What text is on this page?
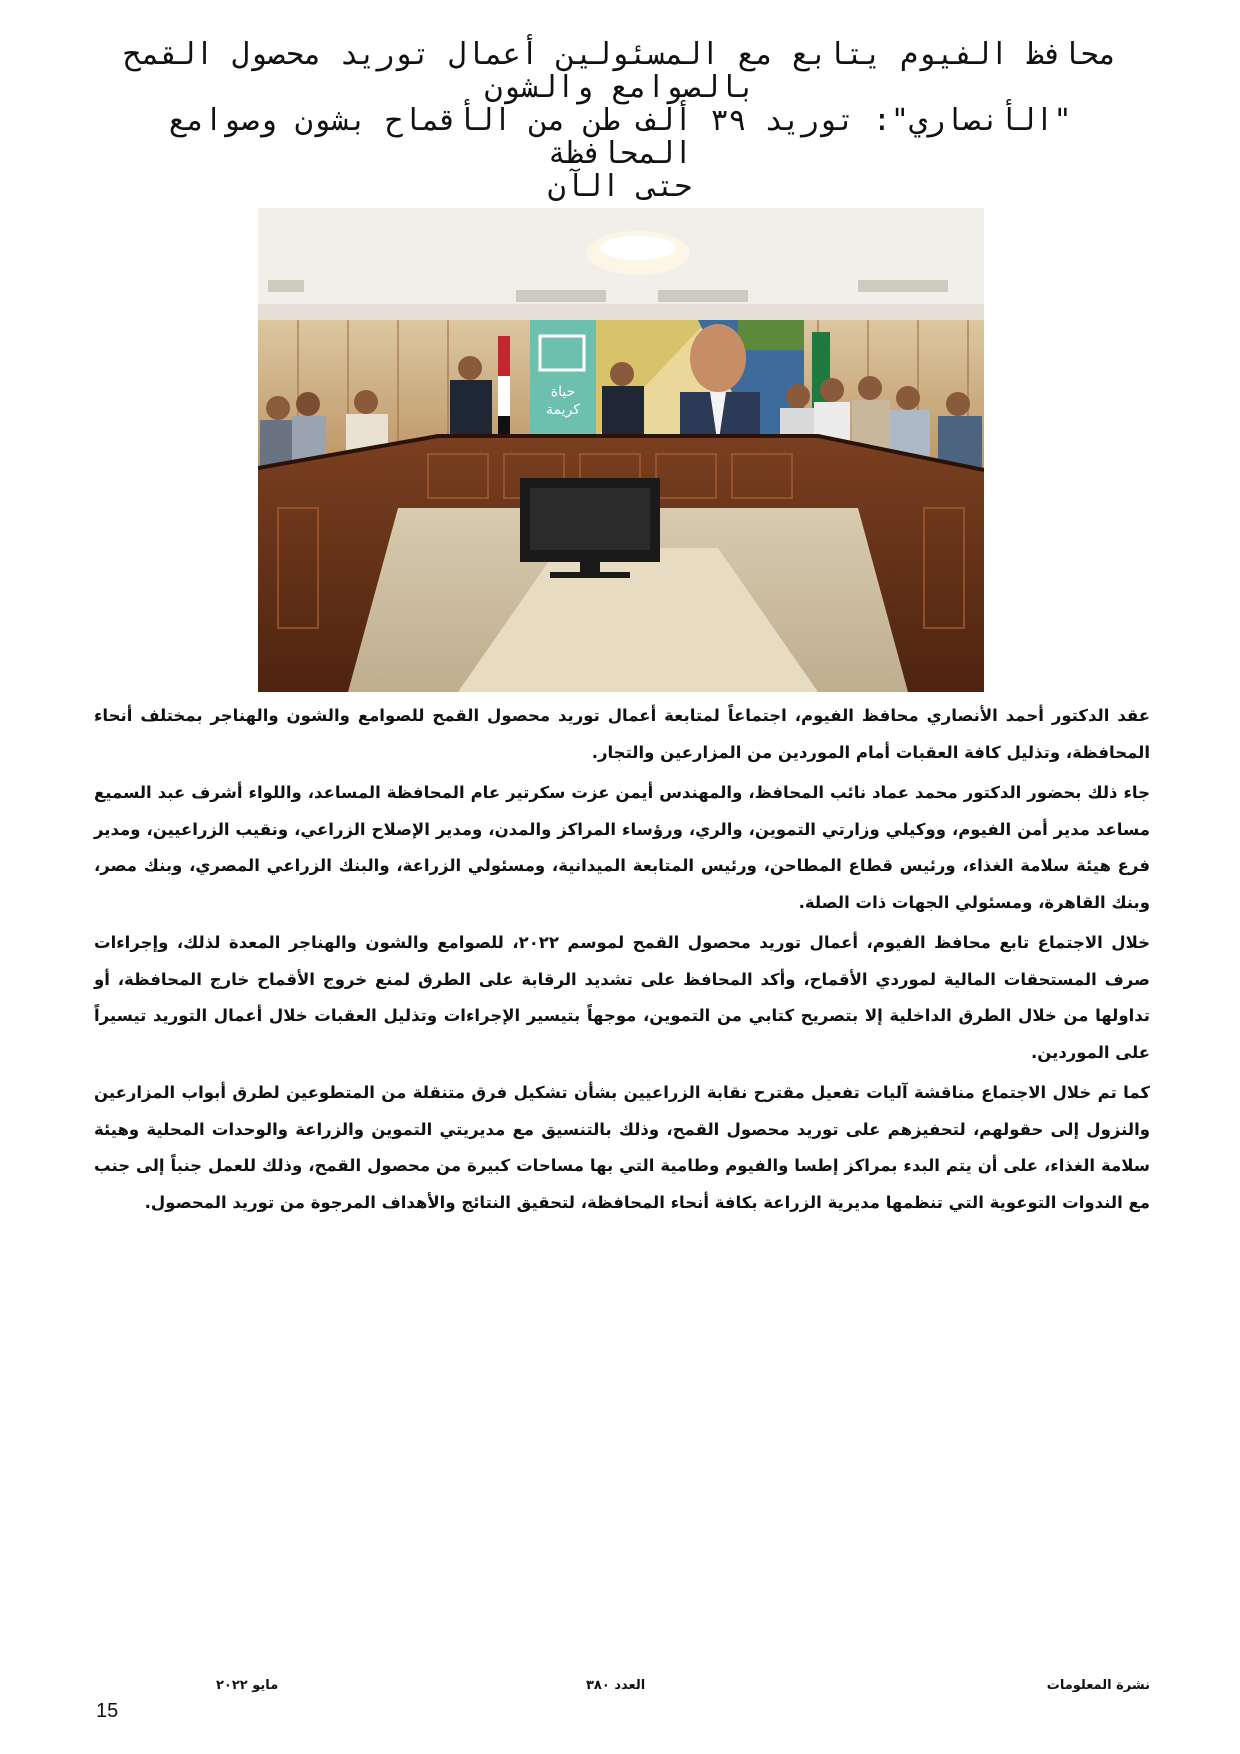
محافظ الفيوم يتابع مع المسئولين أعمال توريد محصول القمح
بالصوامع والشون
"الأنصاري": توريد ٣٩ ألف طن من الأقماح بشون وصوامع المحافظة
حتى الآن
حياة
كريمة

عقد الدكتور أحمد الأنصاري محافظ الفيوم، اجتماعاً لمتابعة أعمال توريد محصول القمح للصوامع والشون والهناجر بمختلف أنحاء المحافظة، وتذليل كافة العقبات أمام الموردين من المزارعين والتجار.

جاء ذلك بحضور الدكتور محمد عماد نائب المحافظ، والمهندس أيمن عزت سكرتير عام المحافظة المساعد، واللواء أشرف عبد السميع مساعد مدير أمن الفيوم، ووكيلي وزارتي التموين، والري، ورؤساء المراكز والمدن، ومدير الإصلاح الزراعي، ونقيب الزراعيين، ومدير فرع هيئة سلامة الغذاء، ورئيس قطاع المطاحن، ورئيس المتابعة الميدانية، ومسئولي الزراعة، والبنك الزراعي المصري، وبنك مصر، وبنك القاهرة، ومسئولي الجهات ذات الصلة.

خلال الاجتماع تابع محافظ الفيوم، أعمال توريد محصول القمح لموسم ٢٠٢٢، للصوامع والشون والهناجر المعدة لذلك، وإجراءات صرف المستحقات المالية لموردي الأقماح، وأكد المحافظ على تشديد الرقابة على الطرق لمنع خروج الأقماح خارج المحافظة، أو تداولها من خلال الطرق الداخلية إلا بتصريح كتابي من التموين، موجهاً بتيسير الإجراءات وتذليل العقبات خلال أعمال التوريد تيسيراً على الموردين.

كما تم خلال الاجتماع مناقشة آليات تفعيل مقترح نقابة الزراعيين بشأن تشكيل فرق متنقلة من المتطوعين لطرق أبواب المزارعين والنزول إلى حقولهم، لتحفيزهم على توريد محصول القمح، وذلك بالتنسيق مع مديريتي التموين والزراعة والوحدات المحلية وهيئة سلامة الغذاء، على أن يتم البدء بمراكز إطسا والفيوم وطامية التي بها مساحات كبيرة من محصول القمح، وذلك للعمل جنباً إلى جنب مع الندوات التوعوية التي تنظمها مديرية الزراعة بكافة أنحاء المحافظة، لتحقيق النتائج والأهداف المرجوة من توريد المحصول.

نشرة المعلومات
العدد ٣٨٠
مايو ٢٠٢٢
15
